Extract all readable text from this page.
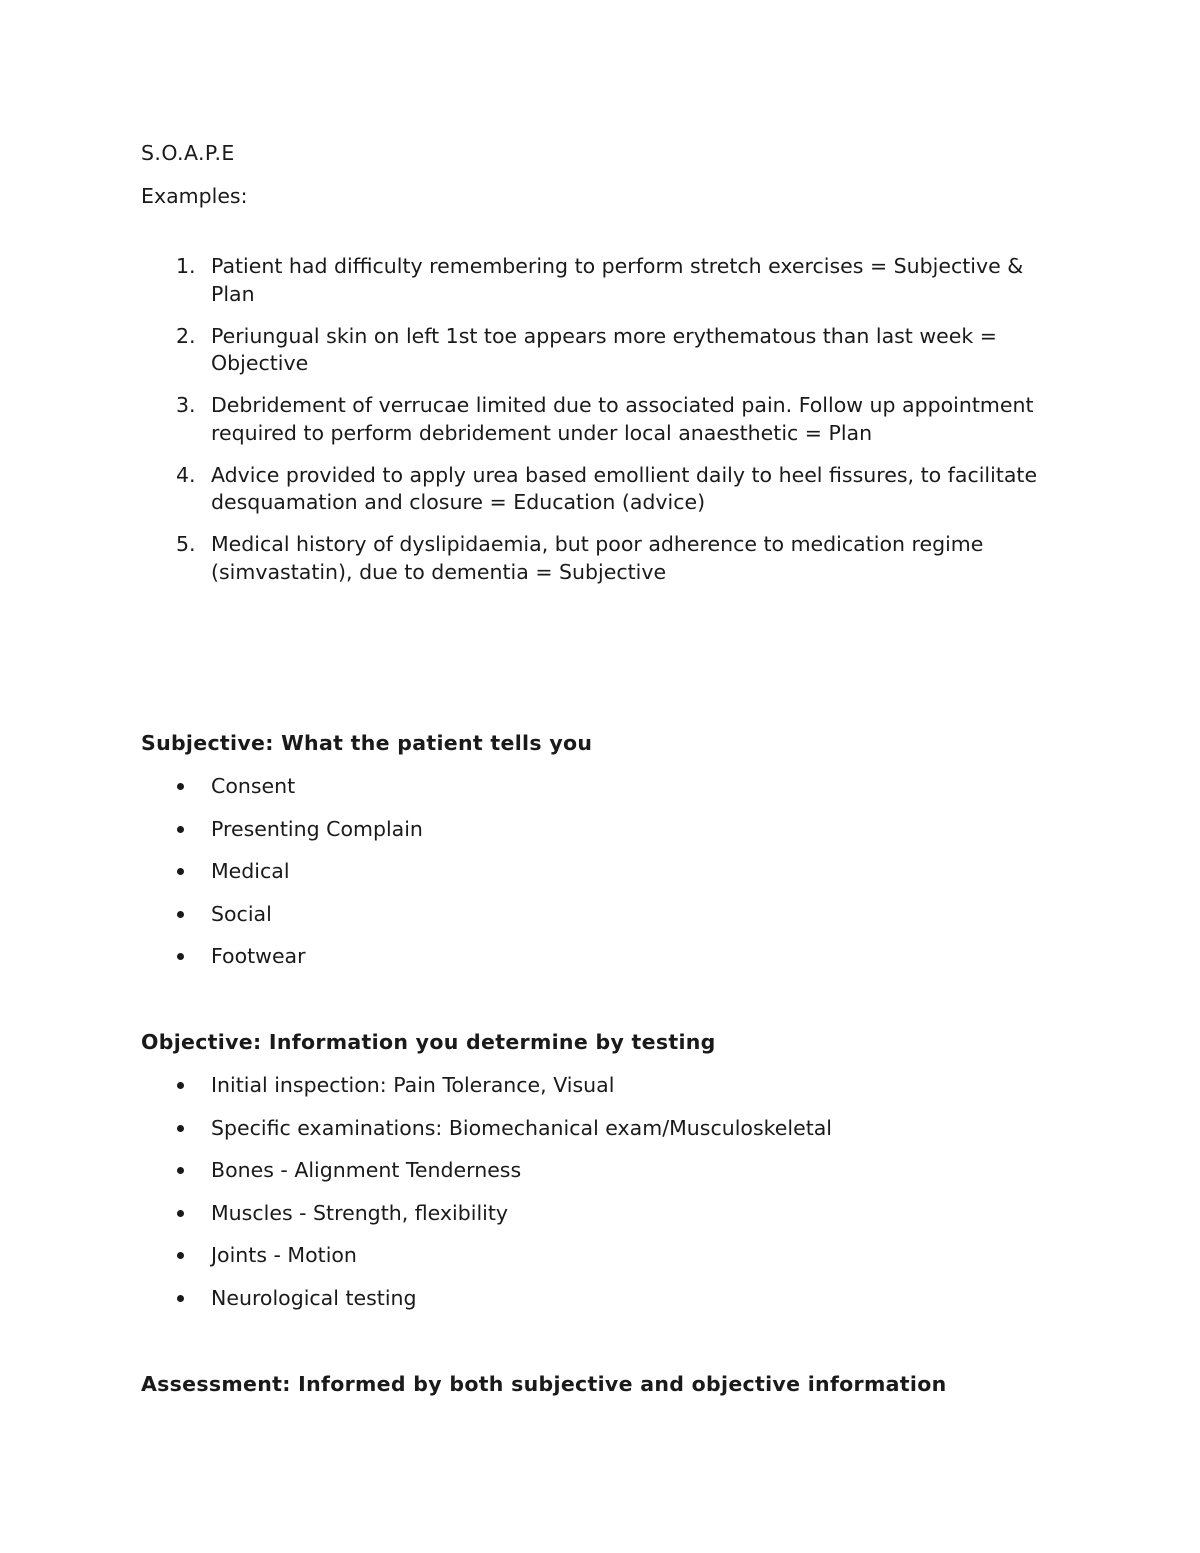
S.O.A.P.E
Examples:
1. Patient had difficulty remembering to perform stretch exercises = Subjective & Plan
2. Periungual skin on left 1st toe appears more erythematous than last week = Objective
3. Debridement of verrucae limited due to associated pain. Follow up appointment required to perform debridement under local anaesthetic = Plan
4. Advice provided to apply urea based emollient daily to heel fissures, to facilitate desquamation and closure = Education (advice)
5. Medical history of dyslipidaemia, but poor adherence to medication regime (simvastatin), due to dementia = Subjective
Subjective: What the patient tells you
Consent
Presenting Complain
Medical
Social
Footwear
Objective: Information you determine by testing
Initial inspection: Pain Tolerance, Visual
Specific examinations: Biomechanical exam/Musculoskeletal
Bones - Alignment Tenderness
Muscles - Strength, flexibility
Joints - Motion
Neurological testing
Assessment: Informed by both subjective and objective information
